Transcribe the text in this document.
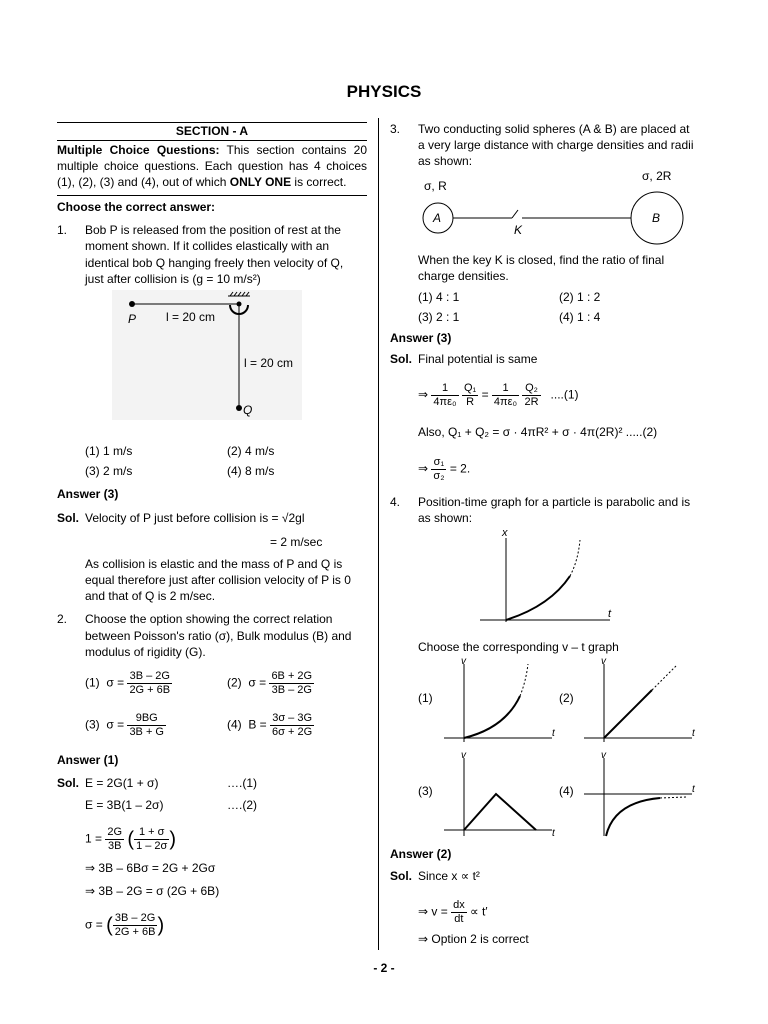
PHYSICS
SECTION - A
Multiple Choice Questions: This section contains 20 multiple choice questions. Each question has 4 choices (1), (2), (3) and (4), out of which ONLY ONE is correct.
Choose the correct answer:
1. Bob P is released from the position of rest at the
moment shown. If it collides elastically with an
identical bob Q hanging freely then velocity of Q,
just after collision is (g = 10 m/s²)
P l = 20 cm
l = 20 cm
Q
(1) 1 m/s	(2) 4 m/s
(3) 2 m/s	(4) 8 m/s
Answer (3)
Sol. Velocity of P just before collision is = √2gl
= 2 m/sec
As collision is elastic and the mass of P and Q is
equal therefore just after collision velocity of P is 0
and that of Q is 2 m/sec.
2. Choose the option showing the correct relation
between Poisson's ratio (σ), Bulk modulus (B) and
modulus of rigidity (G).
(1) $\sigma = \frac{3B - 2G}{2G + 6B}$	(2) $\sigma = \frac{6B + 2G}{3B - 2G}$
(3) $\sigma = \frac{9BG}{3B + G}$	(4) $B = \frac{3\sigma - 3G}{6\sigma + 2G}$
Answer (1)
Sol. E = 2G(1 + σ)	….(1)
E = 3B(1 – 2σ)	….(2)
$1 = \frac{2G}{3B}$ ( $\frac{1 + \sigma}{1 - 2\sigma}$ )
⇒ 3B – 6Bσ = 2G + 2Gσ
⇒ 3B – 2G = σ (2G + 6B)
σ = ( $\frac{3B - 2G}{2G + 6B}$ )
3. Two conducting solid spheres (A & B) are placed at
a very large distance with charge densities and radii
as shown:
σ, R
σ, 2R
A	B
K
When the key K is closed, find the ratio of final
charge densities.
(1) 4 : 1	(2) 1 : 2
(3) 2 : 1	(4) 1 : 4
Answer (3)
Sol. Final potential is same
⇒ $\frac{1}{\text{4πε₀}}$
$\frac{\text{Q₁}}{R} = \frac{1}{\text{4πε₀}}$
$\frac{\text{Q₂}}{2R} ....(1)$
Also, Q₁ + Q₂ = σ · 4πR² + σ · 4π(2R)² .....(2)
⇒ $\frac{\text{σ₁}}{\text{σ₂}} = 2$.
4. Position-time graph for a particle is parabolic and is
as shown:
x
t
Choose the corresponding v – t graph
(1)
v
t
(2)
v
t
(3)
v
t
(4)
v
t
Answer (2)
Sol. Since x ∝ t²
⇒ $v = \frac{dx}{dt} \propto t'$
⇒ Option 2 is correct
- 2 -
